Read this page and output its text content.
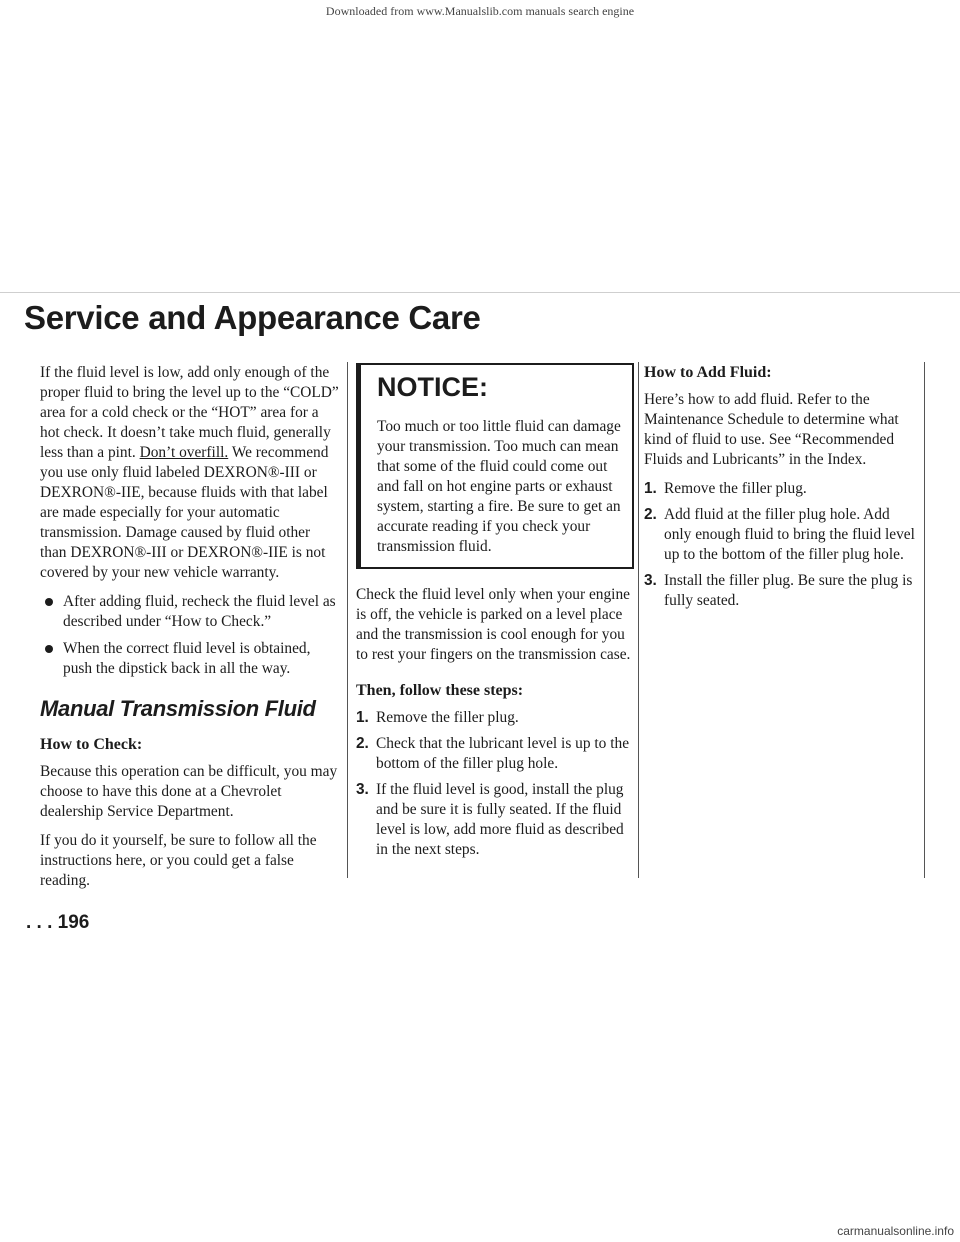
Downloaded from www.Manualslib.com manuals search engine
Service and Appearance Care

If the fluid level is low, add only enough of the proper fluid to bring the level up to the “COLD” area for a cold check or the “HOT” area for a hot check. It doesn’t take much fluid, generally less than a pint. Don’t overfill. We recommend you use only fluid labeled DEXRON®-III or DEXRON®-IIE, because fluids with that label are made especially for your automatic transmission. Damage caused by fluid other than DEXRON®-III or DEXRON®-IIE is not covered by your new vehicle warranty.

After adding fluid, recheck the fluid level as described under “How to Check.”
When the correct fluid level is obtained, push the dipstick back in all the way.
Manual Transmission Fluid
How to Check:

Because this operation can be difficult, you may choose to have this done at a Chevrolet dealership Service Department.

If you do it yourself, be sure to follow all the instructions here, or you could get a false reading.

NOTICE:

Too much or too little fluid can damage your transmission. Too much can mean that some of the fluid could come out and fall on hot engine parts or exhaust system, starting a fire. Be sure to get an accurate reading if you check your transmission fluid.

Check the fluid level only when your engine is off, the vehicle is parked on a level place and the transmission is cool enough for you to rest your fingers on the transmission case.

Then, follow these steps:
1. Remove the filler plug.
2. Check that the lubricant level is up to the bottom of the filler plug hole.
3. If the fluid level is good, install the plug and be sure it is fully seated. If the fluid level is low, add more fluid as described in the next steps.
How to Add Fluid:

Here’s how to add fluid. Refer to the Maintenance Schedule to determine what kind of fluid to use. See “Recommended Fluids and Lubricants” in the Index.

1. Remove the filler plug.
2. Add fluid at the filler plug hole. Add only enough fluid to bring the fluid level up to the bottom of the filler plug hole.
3. Install the filler plug. Be sure the plug is fully seated.
. . . 196
carmanualsonline.info
